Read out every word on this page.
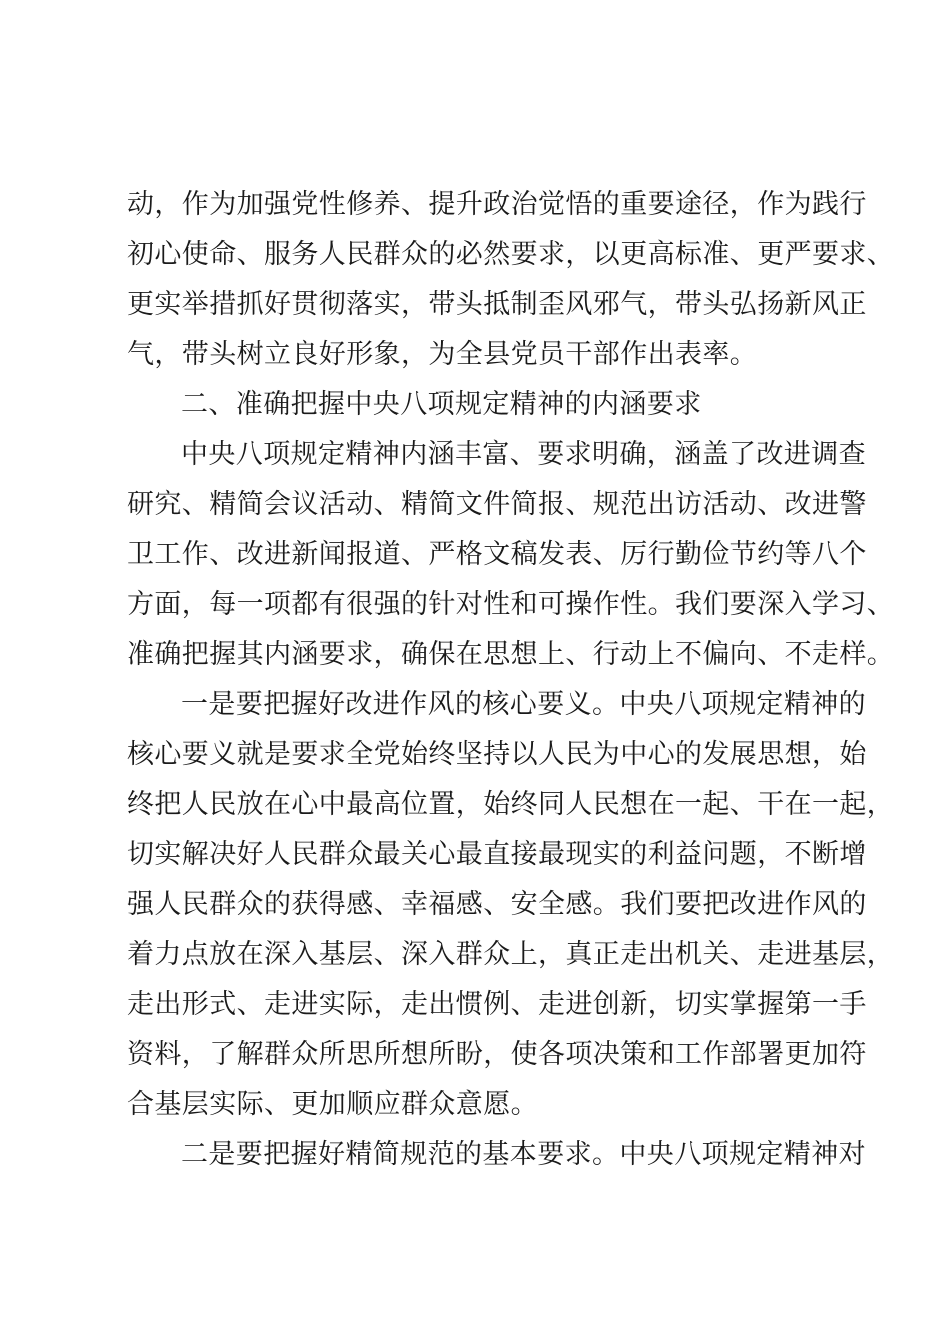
动，作为加强党性修养、提升政治觉悟的重要途径，作为践行
初心使命、服务人民群众的必然要求，以更高标准、更严要求、
更实举措抓好贯彻落实，带头抵制歪风邪气，带头弘扬新风正
气，带头树立良好形象，为全县党员干部作出表率。
二、准确把握中央八项规定精神的内涵要求
中央八项规定精神内涵丰富、要求明确，涵盖了改进调查
研究、精简会议活动、精简文件简报、规范出访活动、改进警
卫工作、改进新闻报道、严格文稿发表、厉行勤俭节约等八个
方面，每一项都有很强的针对性和可操作性。我们要深入学习、
准确把握其内涵要求，确保在思想上、行动上不偏向、不走样。
一是要把握好改进作风的核心要义。中央八项规定精神的
核心要义就是要求全党始终坚持以人民为中心的发展思想，始
终把人民放在心中最高位置，始终同人民想在一起、干在一起，
切实解决好人民群众最关心最直接最现实的利益问题，不断增
强人民群众的获得感、幸福感、安全感。我们要把改进作风的
着力点放在深入基层、深入群众上，真正走出机关、走进基层，
走出形式、走进实际，走出惯例、走进创新，切实掌握第一手
资料，了解群众所思所想所盼，使各项决策和工作部署更加符
合基层实际、更加顺应群众意愿。
二是要把握好精简规范的基本要求。中央八项规定精神对
